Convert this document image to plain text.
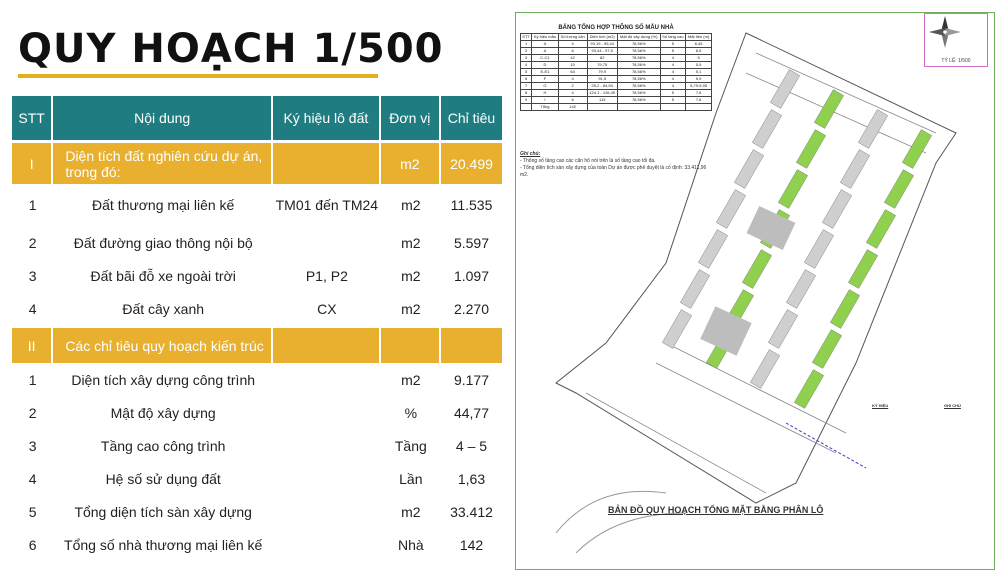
QUY HOẠCH 1/500
STT	Nội dung	Ký hiệu lô đất	Đơn vị	Chỉ tiêu
I	Diện tích đất nghiên cứu dự án, trong đó:		m2	20.499
1	Đất thương mại liên kế	TM01 đến TM24	m2	11.535
2	Đất đường giao thông nội bộ		m2	5.597
3	Đất bãi đỗ xe ngoài trời	P1, P2	m2	1.097
4	Đất cây xanh	CX	m2	2.270
II	Các chỉ tiêu quy hoạch kiến trúc			
1	Diện tích xây dựng công trình		m2	9.177
2	Mật độ xây dựng		%	44,77
3	Tầng cao công trình		Tầng	4 – 5
4	Hệ số sử dụng đất		Lần	1,63
5	Tổng diện tích sàn xây dựng		m2	33.412
6	Tổng số nhà thương mại liên kế		Nhà	142
BẢNG TỔNG HỢP THÔNG SỐ MẪU NHÀ
STT	Ký hiệu mẫu	Số lượng căn	Diện tích (m2)	Mật độ xây dựng (%)	Số tầng cao	Mặt tiền (m)
1	A	4	93,19 - 95,44	78,56%	5	6,45
2	A	6	93,44 - 97,5	78,56%	5	6,5
3	C-C1	42	82	78,56%	4	5
4	D	10	79,75	78,56%	4	5,5
5	E-E1	64	79,9	78,56%	4	5,1
6	F	4	91,5	78,56%	4	5,9
7	G	2	25,2 - 84,94	78,56%	4	5,79-5,95
8	H	4	124,1 - 126,49	78,56%	5	7,6
9	I	6	113	78,56%	5	7,6
	Tổng	142				
Ghi chú:
- Thông số tầng cao các căn hộ nói trên là số tầng cao tối đa.
- Tổng diện tích sàn xây dựng của toàn Dự án được phê duyệt là cố định: 33.411,96 m2.
TỶ LỆ: 1/500
KÝ HIỆU	GHI CHÚ
BẢN ĐỒ QUY HOẠCH TỔNG MẶT BẰNG PHÂN LÔ
